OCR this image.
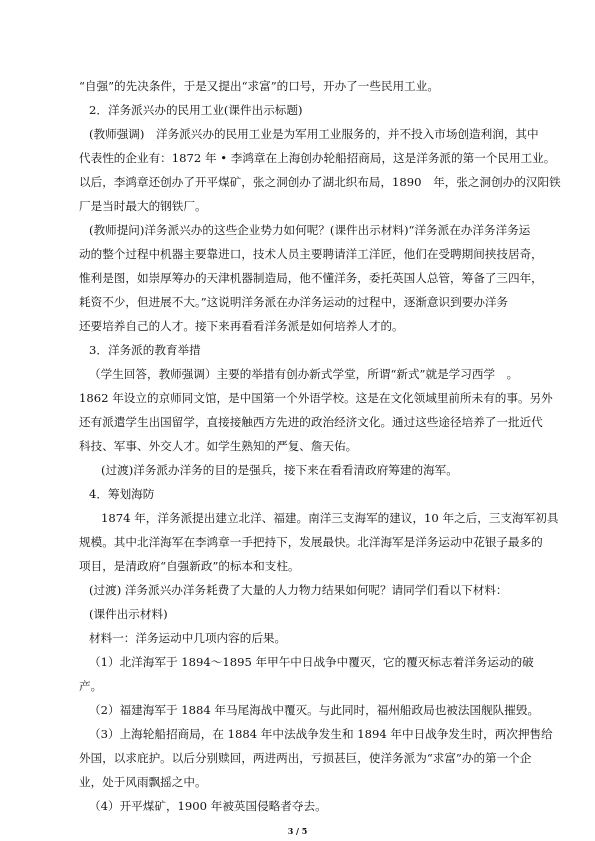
“自强”的先决条件，于是又提出“求富”的口号，开办了一些民用工业。
2．洋务派兴办的民用工业(课件出示标题)
(教师强调)　洋务派兴办的民用工业是为军用工业服务的，并不投入市场创造利润，其中
代表性的企业有：1872 年 • 李鸿章在上海创办轮船招商局，这是洋务派的第一个民用工业。
以后，李鸿章还创办了开平煤矿，张之洞创办了湖北织布局，1890　年，张之洞创办的汉阳铁
厂是当时最大的钢铁厂。
(教师提问)洋务派兴办的这些企业势力如何呢？(课件出示材料)“洋务派在办洋务洋务运
动的整个过程中机器主要靠进口，技术人员主要聘请洋工洋匠，他们在受聘期间挟技居奇，
惟利是图，如崇厚筹办的天津机器制造局，他不懂洋务，委托英国人总管，筹备了三四年，
耗资不少，但进展不大。”这说明洋务派在办洋务运动的过程中，逐渐意识到要办洋务
还要培养自己的人才。接下来再看看洋务派是如何培养人才的。
3．洋务派的教育举措
（学生回答，教师强调）主要的举措有创办新式学堂，所谓“新式”就是学习西学　。
1862 年设立的京师同文馆，是中国第一个外语学校。这是在文化领域里前所未有的事。另外
还有派遣学生出国留学，直接接触西方先进的政治经济文化。通过这些途径培养了一批近代
科技、军事、外交人才。如学生熟知的严复、詹天佑。
(过渡)洋务派办洋务的目的是强兵，接下来在看看清政府筹建的海军。
4．筹划海防
1874 年，洋务派提出建立北洋、福建。南洋三支海军的建议，10 年之后，三支海军初具
规模。其中北洋海军在李鸿章一手把持下，发展最快。北洋海军是洋务运动中花银子最多的
项目，是清政府“自强新政”的标本和支柱。
(过渡) 洋务派兴办洋务耗费了大量的人力物力结果如何呢？请同学们看以下材料：
(课件出示材料)
材料一：洋务运动中几项内容的后果。
（1）北洋海军于 1894～1895 年甲午中日战争中覆灭，它的覆灭标志着洋务运动的破
产。
（2）福建海军于 1884 年马尾海战中覆灭。与此同时，福州船政局也被法国舰队摧毁。
（3）上海轮船招商局，在 1884 年中法战争发生和 1894 年中日战争发生时，两次押售给
外国，以求庇护。以后分别赎回，两进两出，亏损甚巨，使洋务派为“求富”办的第一个企
业，处于风雨飘摇之中。
（4）开平煤矿，1900 年被英国侵略者夺去。
3 / 5
